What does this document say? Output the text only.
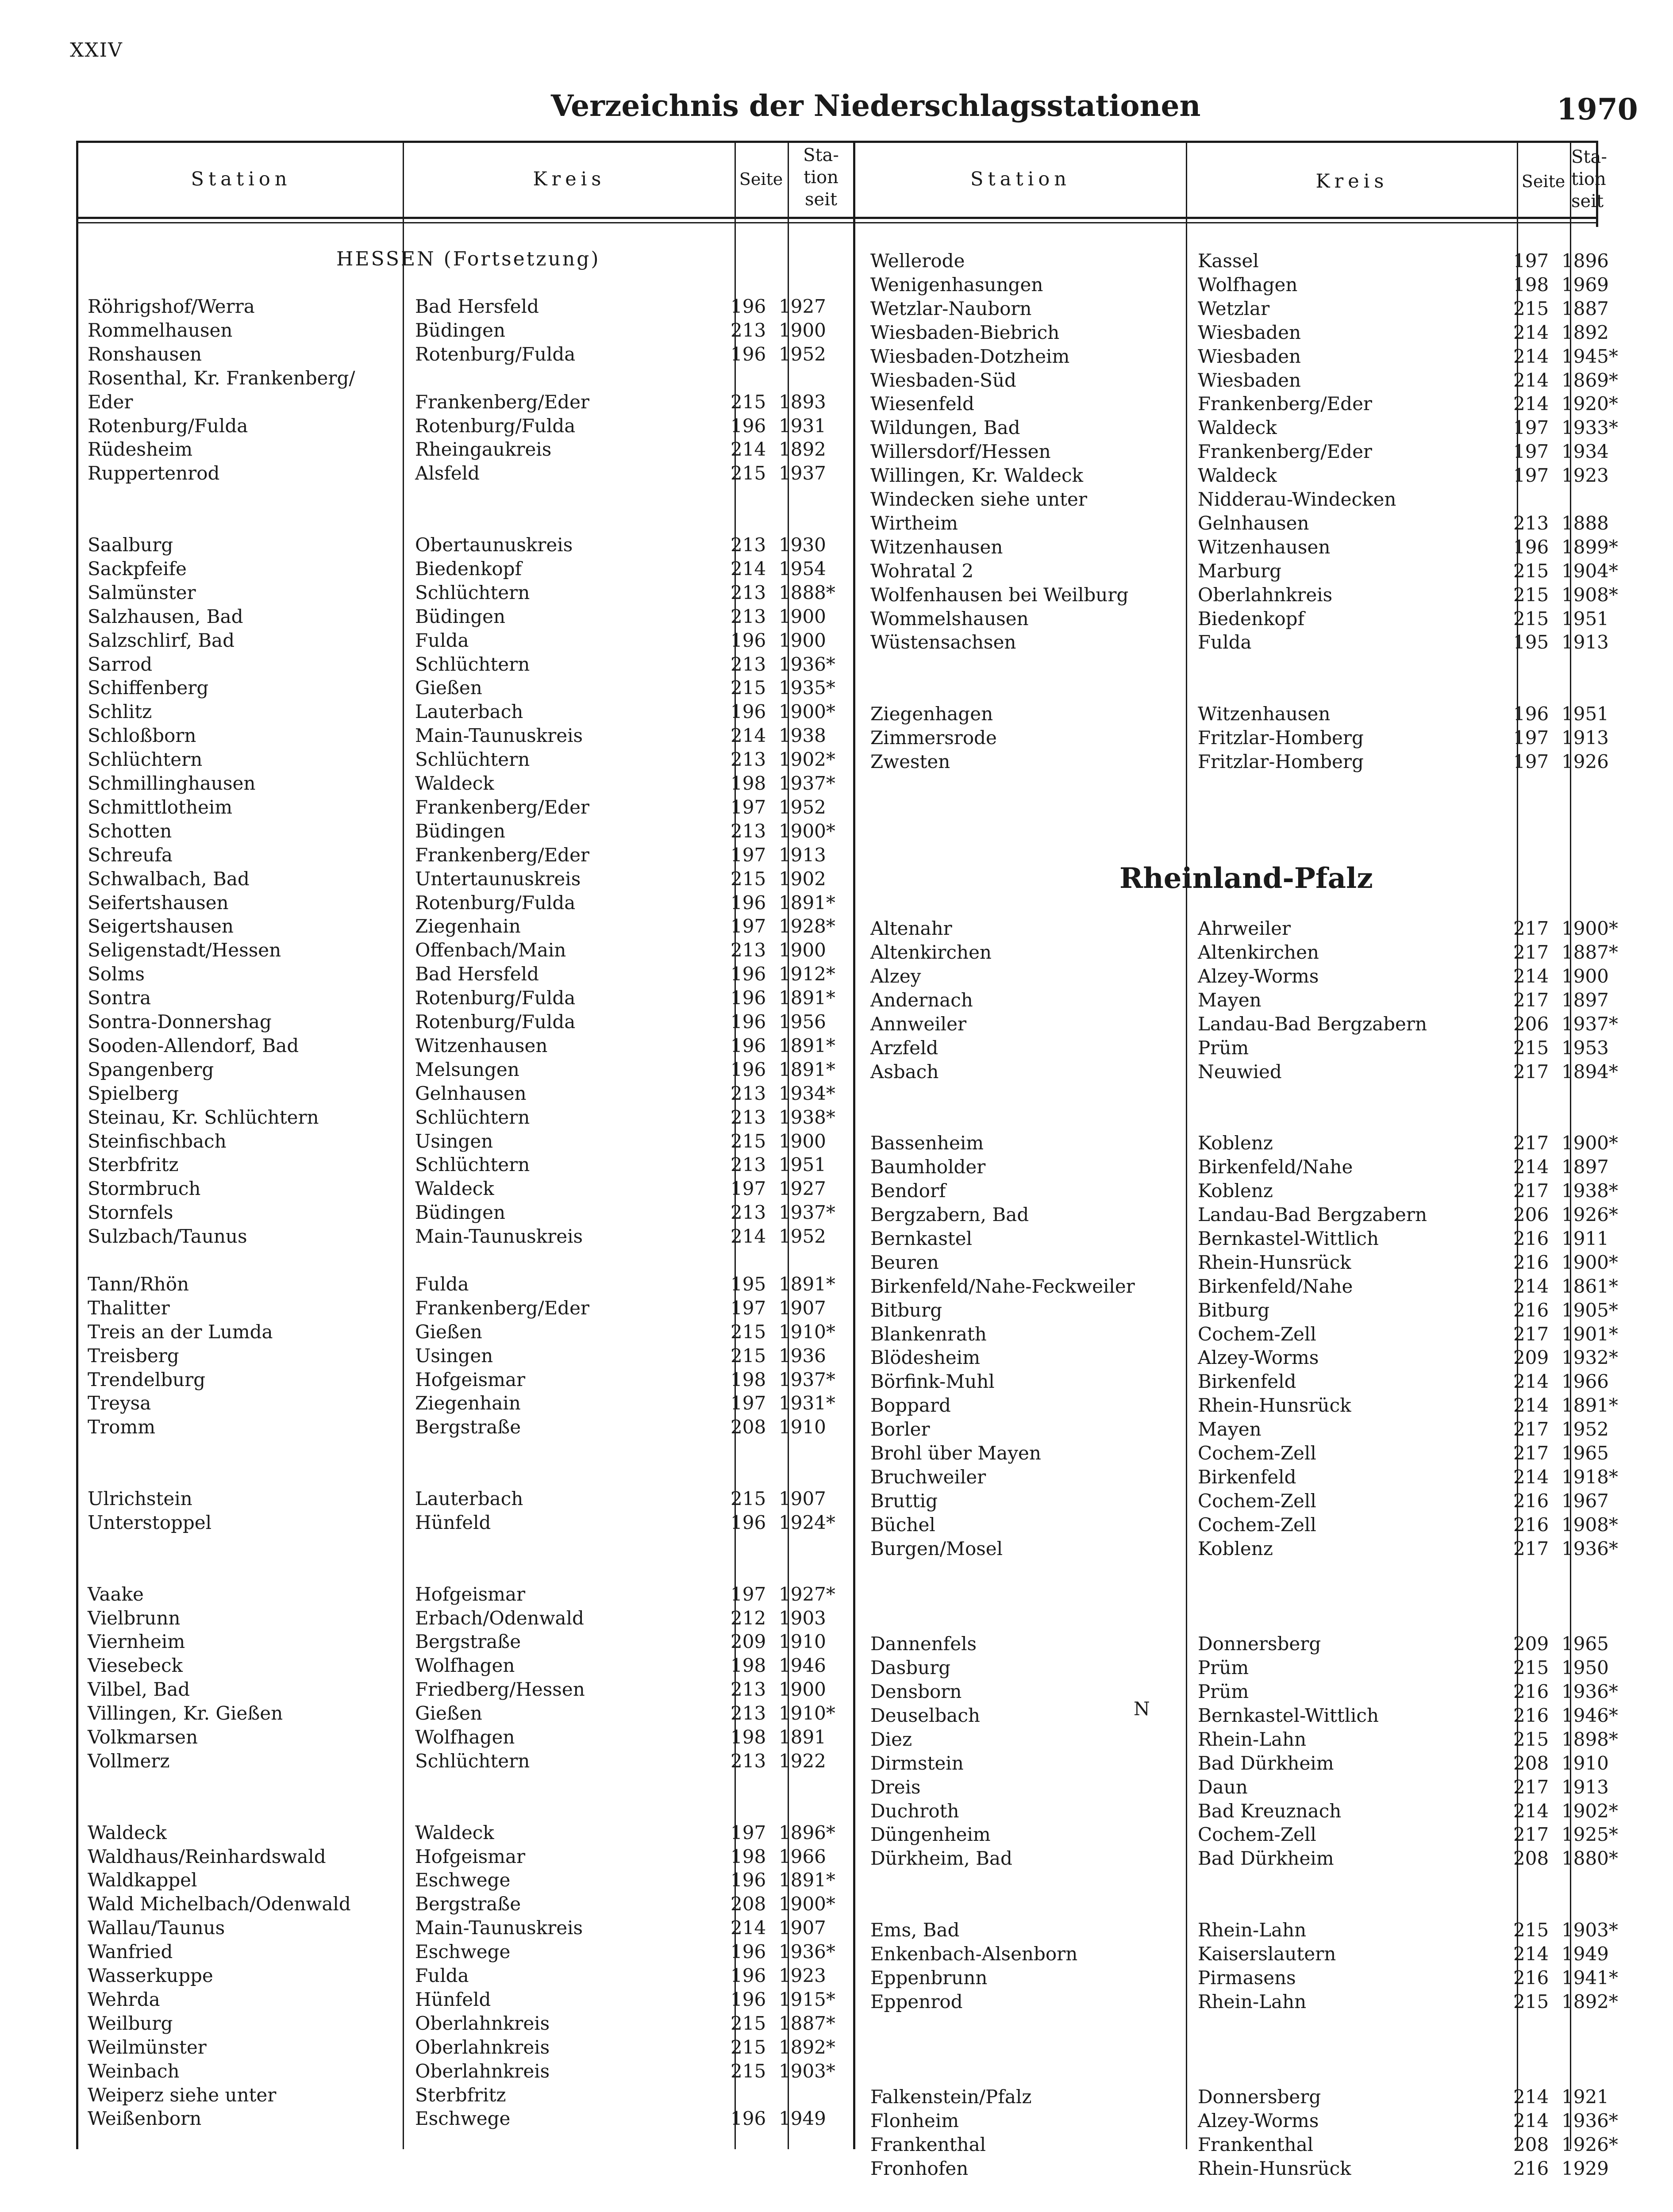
XXIV
Verzeichnis der Niederschlagsstationen	1970
Station	Kreis	Seite
Sta-
tion
seit
Station	Kreis	Seite
Sta-
tion
seit
HESSEN (Fortsetzung)
Rheinland-Pfalz
N
Röhrigshof/Werra	Bad Hersfeld	196 1927
Rommelhausen	Büdingen	213 1900
Ronshausen	Rotenburg/Fulda	196 1952
Rosenthal, Kr. Frankenberg/
Eder	Frankenberg/Eder	215 1893
Rotenburg/Fulda	Rotenburg/Fulda	196 1931
Rüdesheim	Rheingaukreis	214 1892
Ruppertenrod	Alsfeld	215 1937
Saalburg	Obertaunuskreis	213 1930
Sackpfeife	Biedenkopf	214 1954
Salmünster	Schlüchtern	213 1888*
Salzhausen, Bad	Büdingen	213 1900
Salzschlirf, Bad	Fulda	196 1900
Sarrod	Schlüchtern	213 1936*
Schiffenberg	Gießen	215 1935*
Schlitz	Lauterbach	196 1900*
Schloßborn	Main-Taunuskreis	214 1938
Schlüchtern	Schlüchtern	213 1902*
Schmillinghausen	Waldeck	198 1937*
Schmittlotheim	Frankenberg/Eder	197 1952
Schotten	Büdingen	213 1900*
Schreufa	Frankenberg/Eder	197 1913
Schwalbach, Bad	Untertaunuskreis	215 1902
Seifertshausen	Rotenburg/Fulda	196 1891*
Seigertshausen	Ziegenhain	197 1928*
Seligenstadt/Hessen	Offenbach/Main	213 1900
Solms	Bad Hersfeld	196 1912*
Sontra	Rotenburg/Fulda	196 1891*
Sontra-Donnershag	Rotenburg/Fulda	196 1956
Sooden-Allendorf, Bad	Witzenhausen	196 1891*
Spangenberg	Melsungen	196 1891*
Spielberg	Gelnhausen	213 1934*
Steinau, Kr. Schlüchtern	Schlüchtern	213 1938*
Steinfischbach	Usingen	215 1900
Sterbfritz	Schlüchtern	213 1951
Stormbruch	Waldeck	197 1927
Stornfels	Büdingen	213 1937*
Sulzbach/Taunus	Main-Taunuskreis	214 1952
Tann/Rhön	Fulda	195 1891*
Thalitter	Frankenberg/Eder	197 1907
Treis an der Lumda	Gießen	215 1910*
Treisberg	Usingen	215 1936
Trendelburg	Hofgeismar	198 1937*
Treysa	Ziegenhain	197 1931*
Tromm	Bergstraße	208 1910
Ulrichstein	Lauterbach	215 1907
Unterstoppel	Hünfeld	196 1924*
Vaake	Hofgeismar	197 1927*
Vielbrunn	Erbach/Odenwald	212 1903
Viernheim	Bergstraße	209 1910
Viesebeck	Wolfhagen	198 1946
Vilbel, Bad	Friedberg/Hessen	213 1900
Villingen, Kr. Gießen	Gießen	213 1910*
Volkmarsen	Wolfhagen	198 1891
Vollmerz	Schlüchtern	213 1922
Waldeck	Waldeck	197 1896*
Waldhaus/Reinhardswald	Hofgeismar	198 1966
Waldkappel	Eschwege	196 1891*
Wald Michelbach/Odenwald	Bergstraße	208 1900*
Wallau/Taunus	Main-Taunuskreis	214 1907
Wanfried	Eschwege	196 1936*
Wasserkuppe	Fulda	196 1923
Wehrda	Hünfeld	196 1915*
Weilburg	Oberlahnkreis	215 1887*
Weilmünster	Oberlahnkreis	215 1892*
Weinbach	Oberlahnkreis	215 1903*
Weiperz siehe unter	Sterbfritz
Weißenborn	Eschwege	196 1949
Wellerode	Kassel	197 1896
Wenigenhasungen	Wolfhagen	198 1969
Wetzlar-Nauborn	Wetzlar	215 1887
Wiesbaden-Biebrich	Wiesbaden	214 1892
Wiesbaden-Dotzheim	Wiesbaden	214 1945*
Wiesbaden-Süd	Wiesbaden	214 1869*
Wiesenfeld	Frankenberg/Eder	214 1920*
Wildungen, Bad	Waldeck	197 1933*
Willersdorf/Hessen	Frankenberg/Eder	197 1934
Willingen, Kr. Waldeck	Waldeck	197 1923
Windecken siehe unter	Nidderau-Windecken
Wirtheim	Gelnhausen	213 1888
Witzenhausen	Witzenhausen	196 1899*
Wohratal 2	Marburg	215 1904*
Wolfenhausen bei Weilburg	Oberlahnkreis	215 1908*
Wommelshausen	Biedenkopf	215 1951
Wüstensachsen	Fulda	195 1913
Ziegenhagen	Witzenhausen	196 1951
Zimmersrode	Fritzlar-Homberg	197 1913
Zwesten	Fritzlar-Homberg	197 1926
Altenahr	Ahrweiler	217 1900*
Altenkirchen	Altenkirchen	217 1887*
Alzey	Alzey-Worms	214 1900
Andernach	Mayen	217 1897
Annweiler	Landau-Bad Bergzabern	206 1937*
Arzfeld	Prüm	215 1953
Asbach	Neuwied	217 1894*
Bassenheim	Koblenz	217 1900*
Baumholder	Birkenfeld/Nahe	214 1897
Bendorf	Koblenz	217 1938*
Bergzabern, Bad	Landau-Bad Bergzabern	206 1926*
Bernkastel	Bernkastel-Wittlich	216 1911
Beuren	Rhein-Hunsrück	216 1900*
Birkenfeld/Nahe-Feckweiler	Birkenfeld/Nahe	214 1861*
Bitburg	Bitburg	216 1905*
Blankenrath	Cochem-Zell	217 1901*
Blödesheim	Alzey-Worms	209 1932*
Börfink-Muhl	Birkenfeld	214 1966
Boppard	Rhein-Hunsrück	214 1891*
Borler	Mayen	217 1952
Brohl über Mayen	Cochem-Zell	217 1965
Bruchweiler	Birkenfeld	214 1918*
Bruttig	Cochem-Zell	216 1967
Büchel	Cochem-Zell	216 1908*
Burgen/Mosel	Koblenz	217 1936*
Dannenfels	Donnersberg	209 1965
Dasburg	Prüm	215 1950
Densborn	Prüm	216 1936*
Deuselbach	Bernkastel-Wittlich	216 1946*
Diez	Rhein-Lahn	215 1898*
Dirmstein	Bad Dürkheim	208 1910
Dreis	Daun	217 1913
Duchroth	Bad Kreuznach	214 1902*
Düngenheim	Cochem-Zell	217 1925*
Dürkheim, Bad	Bad Dürkheim	208 1880*
Ems, Bad	Rhein-Lahn	215 1903*
Enkenbach-Alsenborn	Kaiserslautern	214 1949
Eppenbrunn	Pirmasens	216 1941*
Eppenrod	Rhein-Lahn	215 1892*
Falkenstein/Pfalz	Donnersberg	214 1921
Flonheim	Alzey-Worms	214 1936*
Frankenthal	Frankenthal	208 1926*
Fronhofen	Rhein-Hunsrück	216 1929
